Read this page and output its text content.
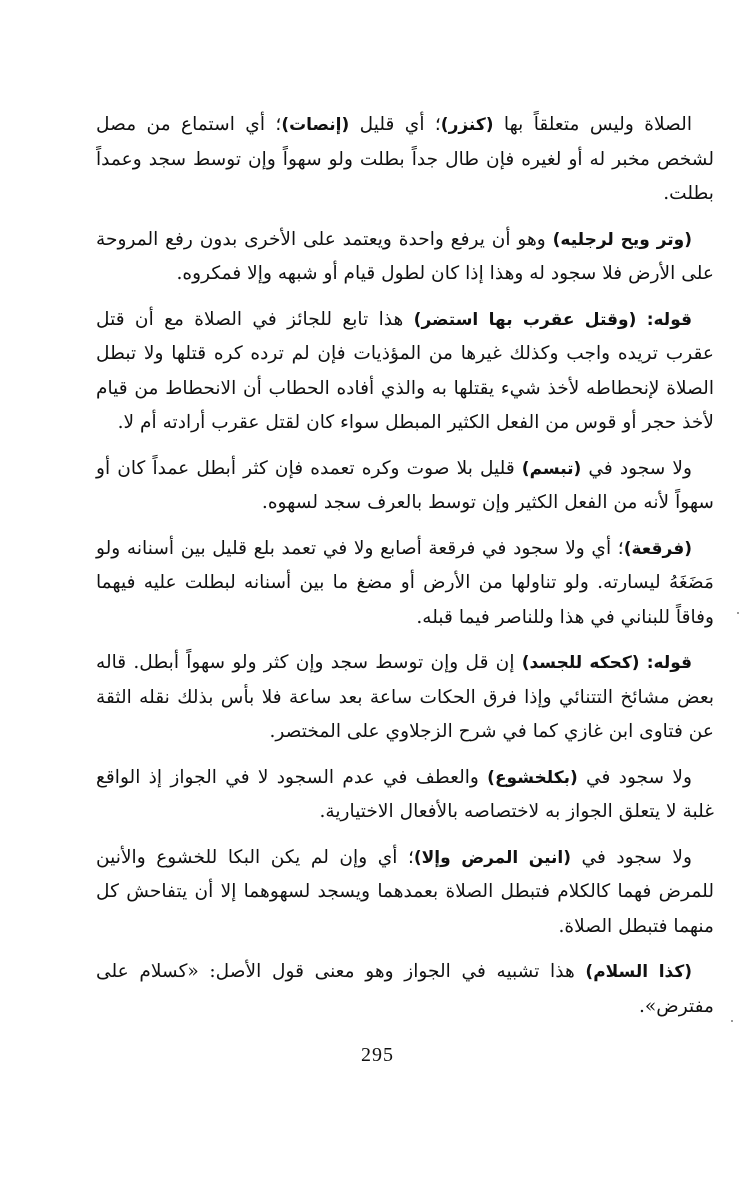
الصلاة وليس متعلقاً بها (كنزر)؛ أي قليل (إنصات)؛ أي استماع من مصل لشخص مخبر له أو لغيره فإن طال جداً بطلت ولو سهواً وإن توسط سجد وعمداً بطلت.

(وتر ويح لرجليه) وهو أن يرفع واحدة ويعتمد على الأخرى بدون رفع المروحة على الأرض فلا سجود له وهذا إذا كان لطول قيام أو شبهه وإلا فمكروه.

قوله: (وقتل عقرب بها استضر) هذا تابع للجائز في الصلاة مع أن قتل عقرب تريده واجب وكذلك غيرها من المؤذيات فإن لم ترده كره قتلها ولا تبطل الصلاة لإنحطاطه لأخذ شيء يقتلها به والذي أفاده الحطاب أن الانحطاط من قيام لأخذ حجر أو قوس من الفعل الكثير المبطل سواء كان لقتل عقرب أرادته أم لا.

ولا سجود في (تبسم) قليل بلا صوت وكره تعمده فإن كثر أبطل عمداً كان أو سهواً لأنه من الفعل الكثير وإن توسط بالعرف سجد لسهوه.

(فرقعة)؛ أي ولا سجود في فرقعة أصابع ولا في تعمد بلع قليل بين أسنانه ولو مَضَغَهُ ليسارته. ولو تناولها من الأرض أو مضغ ما بين أسنانه لبطلت عليه فيهما وفاقاً للبناني في هذا وللناصر فيما قبله.

قوله: (كحكه للجسد) إن قل وإن توسط سجد وإن كثر ولو سهواً أبطل. قاله بعض مشائخ التتنائي وإذا فرق الحكات ساعة بعد ساعة فلا بأس بذلك نقله الثقة عن فتاوى ابن غازي كما في شرح الزجلاوي على المختصر.

ولا سجود في (بكلخشوع) والعطف في عدم السجود لا في الجواز إذ الواقع غلبة لا يتعلق الجواز به لاختصاصه بالأفعال الاختيارية.

ولا سجود في (انين المرض وإلا)؛ أي وإن لم يكن البكا للخشوع والأنين للمرض فهما كالكلام فتبطل الصلاة بعمدهما ويسجد لسهوهما إلا أن يتفاحش كل منهما فتبطل الصلاة.

(كذا السلام) هذا تشبيه في الجواز وهو معنى قول الأصل: «كسلام على مفترض».

295
